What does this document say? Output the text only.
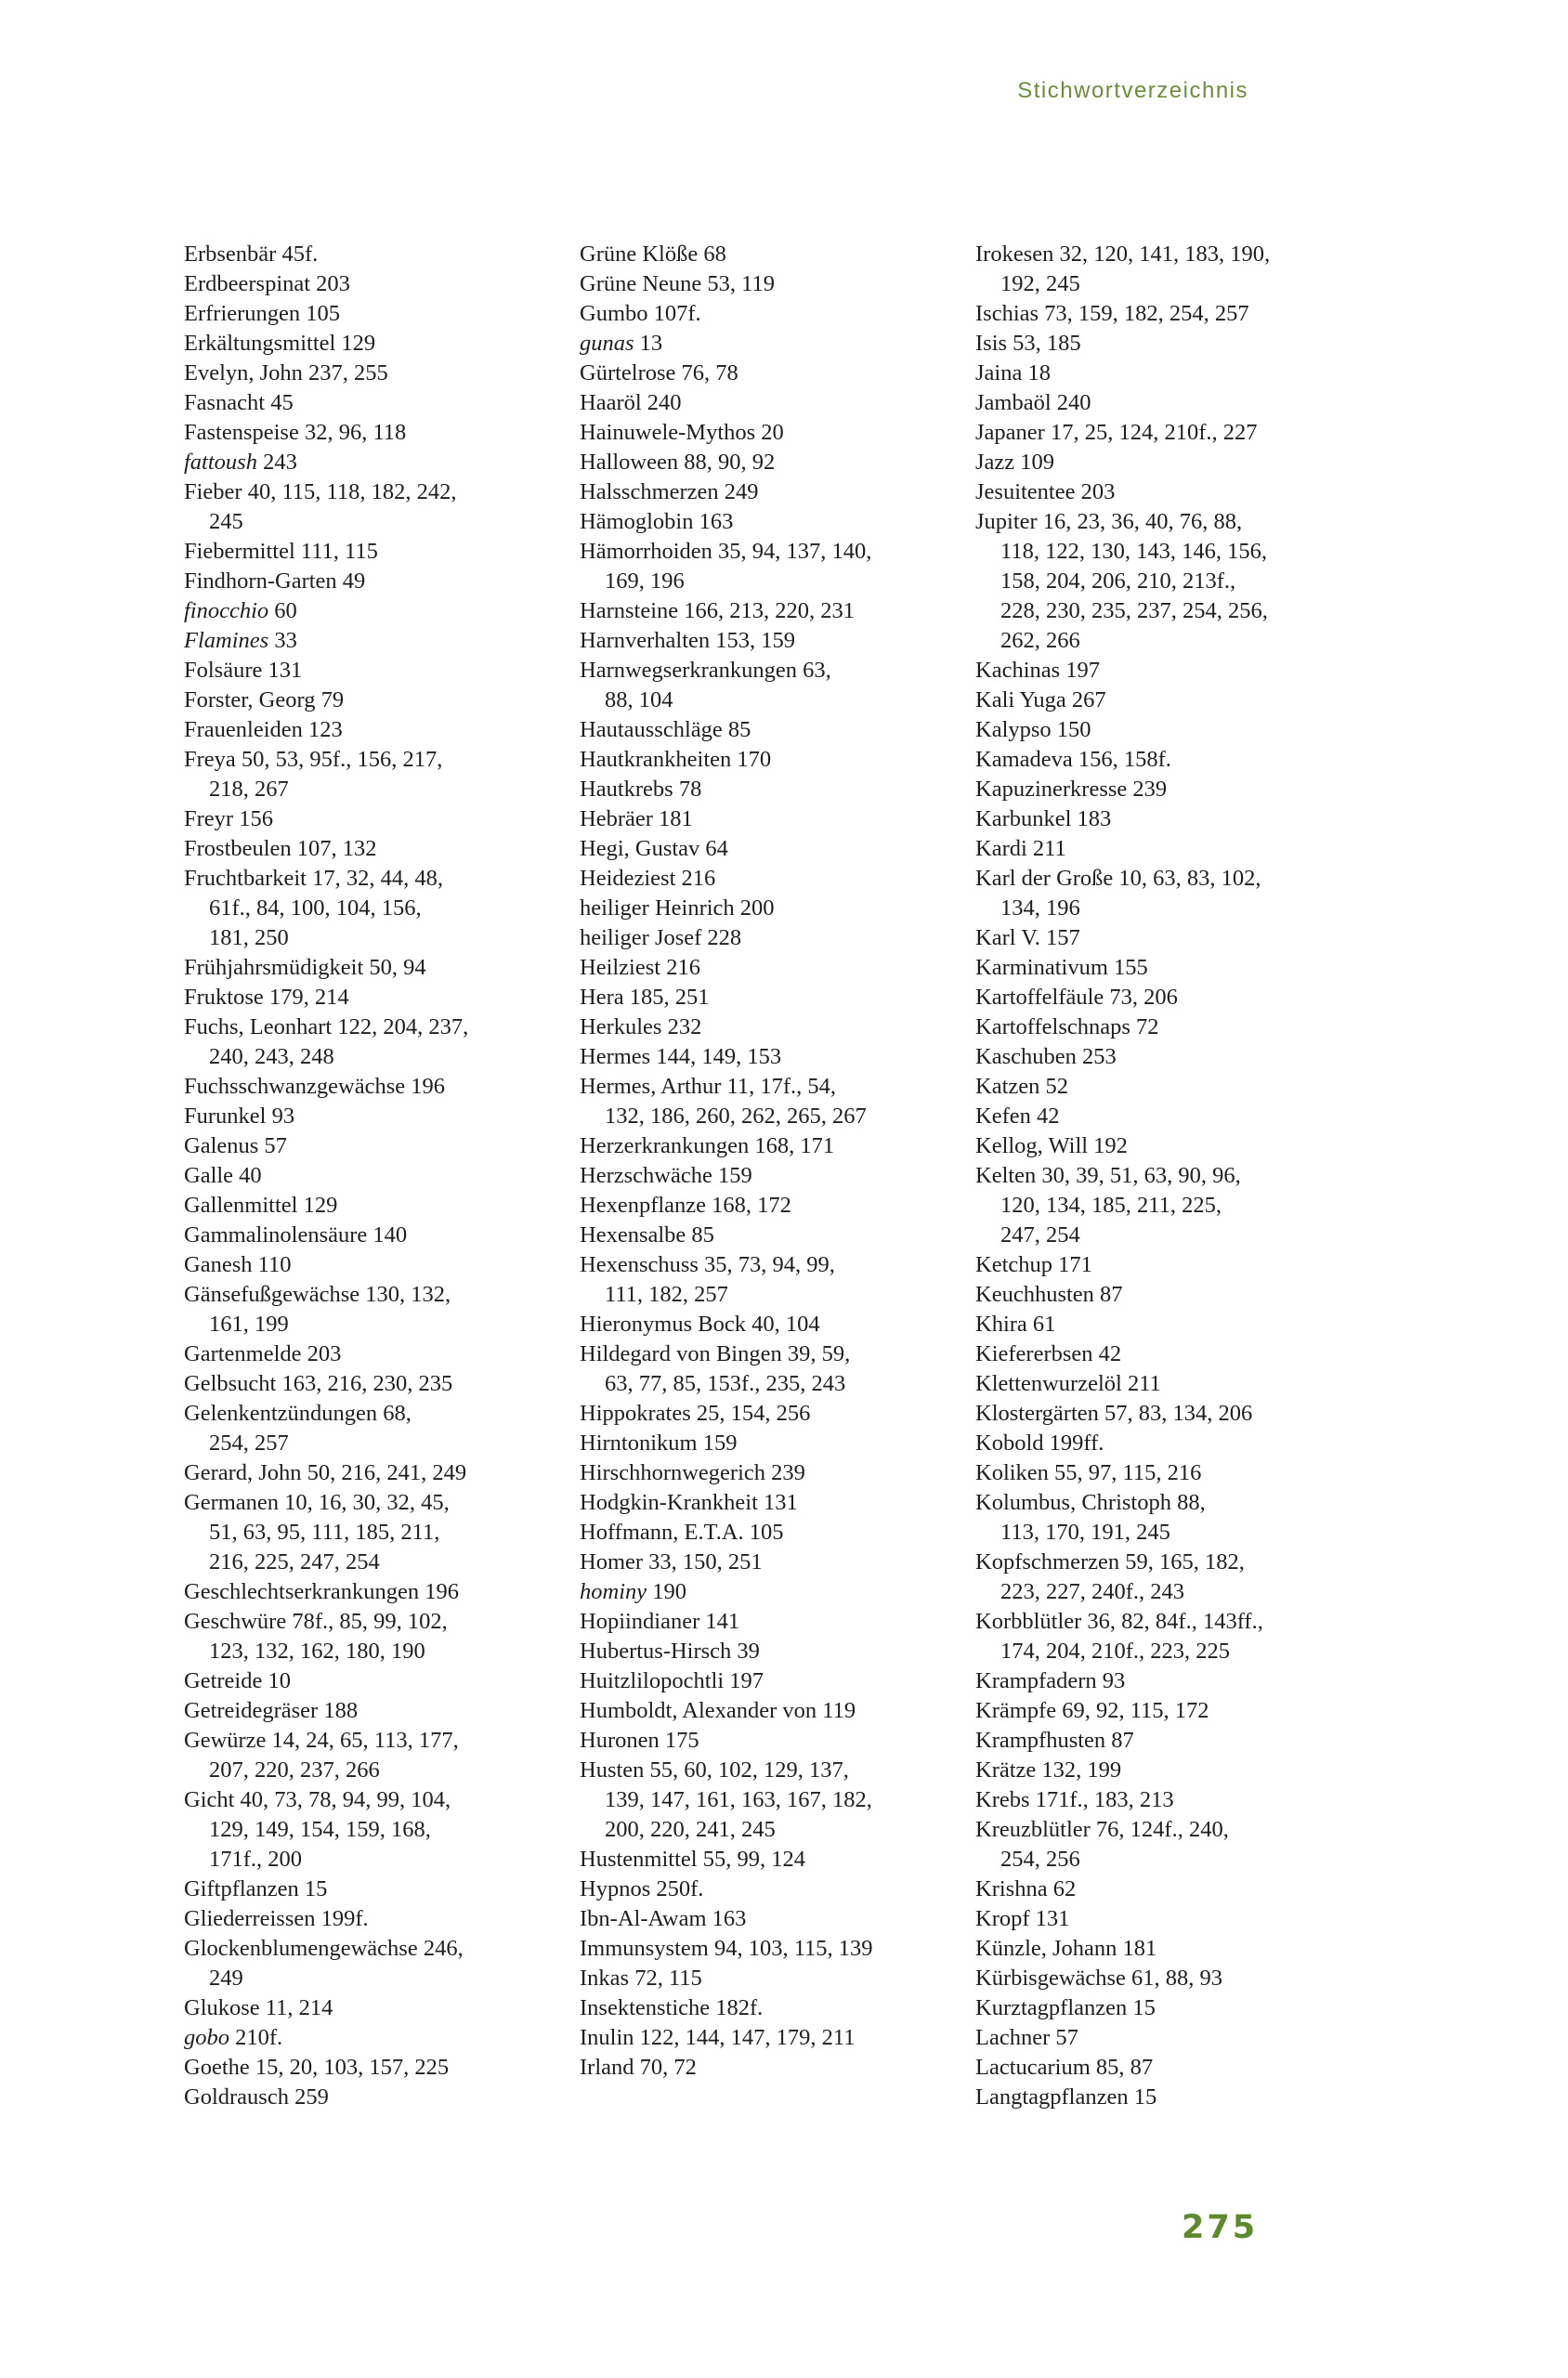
Stichwortverzeichnis
Erbsenbär 45f.
Erdbeerspinat 203
Erfrierungen 105
Erkältungsmittel 129
Evelyn, John 237, 255
Fasnacht 45
Fastenspeise 32, 96, 118
fattoush 243
Fieber 40, 115, 118, 182, 242,
245
Fiebermittel 111, 115
Findhorn-Garten 49
finocchio 60
Flamines 33
Folsäure 131
Forster, Georg 79
Frauenleiden 123
Freya 50, 53, 95f., 156, 217,
218, 267
Freyr 156
Frostbeulen 107, 132
Fruchtbarkeit 17, 32, 44, 48,
61f., 84, 100, 104, 156,
181, 250
Frühjahrsmüdigkeit 50, 94
Fruktose 179, 214
Fuchs, Leonhart 122, 204, 237,
240, 243, 248
Fuchsschwanzgewächse 196
Furunkel 93
Galenus 57
Galle 40
Gallenmittel 129
Gammalinolensäure 140
Ganesh 110
Gänsefußgewächse 130, 132,
161, 199
Gartenmelde 203
Gelbsucht 163, 216, 230, 235
Gelenkentzündungen 68,
254, 257
Gerard, John 50, 216, 241, 249
Germanen 10, 16, 30, 32, 45,
51, 63, 95, 111, 185, 211,
216, 225, 247, 254
Geschlechtserkrankungen 196
Geschwüre 78f., 85, 99, 102,
123, 132, 162, 180, 190
Getreide 10
Getreidegräser 188
Gewürze 14, 24, 65, 113, 177,
207, 220, 237, 266
Gicht 40, 73, 78, 94, 99, 104,
129, 149, 154, 159, 168,
171f., 200
Giftpflanzen 15
Gliederreissen 199f.
Glockenblumengewächse 246,
249
Glukose 11, 214
gobo 210f.
Goethe 15, 20, 103, 157, 225
Goldrausch 259
Grüne Klöße 68
Grüne Neune 53, 119
Gumbo 107f.
gunas 13
Gürtelrose 76, 78
Haaröl 240
Hainuwele-Mythos 20
Halloween 88, 90, 92
Halsschmerzen 249
Hämoglobin 163
Hämorrhoiden 35, 94, 137, 140,
169, 196
Harnsteine 166, 213, 220, 231
Harnverhalten 153, 159
Harnwegserkrankungen 63,
88, 104
Hautausschläge 85
Hautkrankheiten 170
Hautkrebs 78
Hebräer 181
Hegi, Gustav 64
Heideziest 216
heiliger Heinrich 200
heiliger Josef 228
Heilziest 216
Hera 185, 251
Herkules 232
Hermes 144, 149, 153
Hermes, Arthur 11, 17f., 54,
132, 186, 260, 262, 265, 267
Herzerkrankungen 168, 171
Herzschwäche 159
Hexenpflanze 168, 172
Hexensalbe 85
Hexenschuss 35, 73, 94, 99,
111, 182, 257
Hieronymus Bock 40, 104
Hildegard von Bingen 39, 59,
63, 77, 85, 153f., 235, 243
Hippokrates 25, 154, 256
Hirntonikum 159
Hirschhornwegerich 239
Hodgkin-Krankheit 131
Hoffmann, E.T.A. 105
Homer 33, 150, 251
hominy 190
Hopiindianer 141
Hubertus-Hirsch 39
Huitzlilopochtli 197
Humboldt, Alexander von 119
Huronen 175
Husten 55, 60, 102, 129, 137,
139, 147, 161, 163, 167, 182,
200, 220, 241, 245
Hustenmittel 55, 99, 124
Hypnos 250f.
Ibn-Al-Awam 163
Immunsystem 94, 103, 115, 139
Inkas 72, 115
Insektenstiche 182f.
Inulin 122, 144, 147, 179, 211
Irland 70, 72
Irokesen 32, 120, 141, 183, 190,
192, 245
Ischias 73, 159, 182, 254, 257
Isis 53, 185
Jaina 18
Jambaöl 240
Japaner 17, 25, 124, 210f., 227
Jazz 109
Jesuitentee 203
Jupiter 16, 23, 36, 40, 76, 88,
118, 122, 130, 143, 146, 156,
158, 204, 206, 210, 213f.,
228, 230, 235, 237, 254, 256,
262, 266
Kachinas 197
Kali Yuga 267
Kalypso 150
Kamadeva 156, 158f.
Kapuzinerkresse 239
Karbunkel 183
Kardi 211
Karl der Große 10, 63, 83, 102,
134, 196
Karl V. 157
Karminativum 155
Kartoffelfäule 73, 206
Kartoffelschnaps 72
Kaschuben 253
Katzen 52
Kefen 42
Kellog, Will 192
Kelten 30, 39, 51, 63, 90, 96,
120, 134, 185, 211, 225,
247, 254
Ketchup 171
Keuchhusten 87
Khira 61
Kiefererbsen 42
Klettenwurzelöl 211
Klostergärten 57, 83, 134, 206
Kobold 199ff.
Koliken 55, 97, 115, 216
Kolumbus, Christoph 88,
113, 170, 191, 245
Kopfschmerzen 59, 165, 182,
223, 227, 240f., 243
Korbblütler 36, 82, 84f., 143ff.,
174, 204, 210f., 223, 225
Krampfadern 93
Krämpfe 69, 92, 115, 172
Krampfhusten 87
Krätze 132, 199
Krebs 171f., 183, 213
Kreuzblütler 76, 124f., 240,
254, 256
Krishna 62
Kropf 131
Künzle, Johann 181
Kürbisgewächse 61, 88, 93
Kurztagpflanzen 15
Lachner 57
Lactucarium 85, 87
Langtagpflanzen 15
275
